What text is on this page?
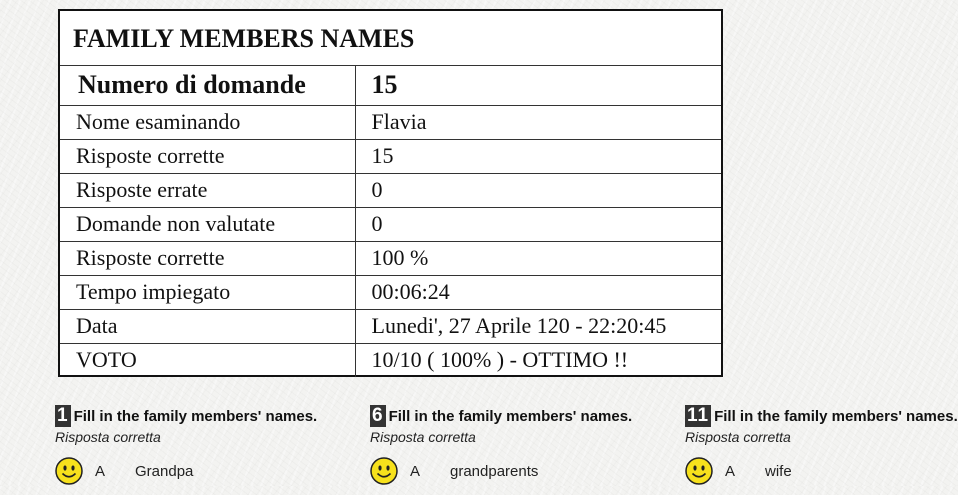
FAMILY MEMBERS NAMES
Numero di domande	15
Nome esaminando	Flavia
Risposte corrette	15
Risposte errate	0
Domande non valutate	0
Risposte corrette	100 %
Tempo impiegato	00:06:24
Data	Lunedi', 27 Aprile 120 - 22:20:45
VOTO	10/10 ( 100% ) - OTTIMO !!
1 Fill in the family members' names.
Risposta corretta
A	Grandpa
6 Fill in the family members' names.
Risposta corretta
A	grandparents
11 Fill in the family members' names.
Risposta corretta
A	wife
